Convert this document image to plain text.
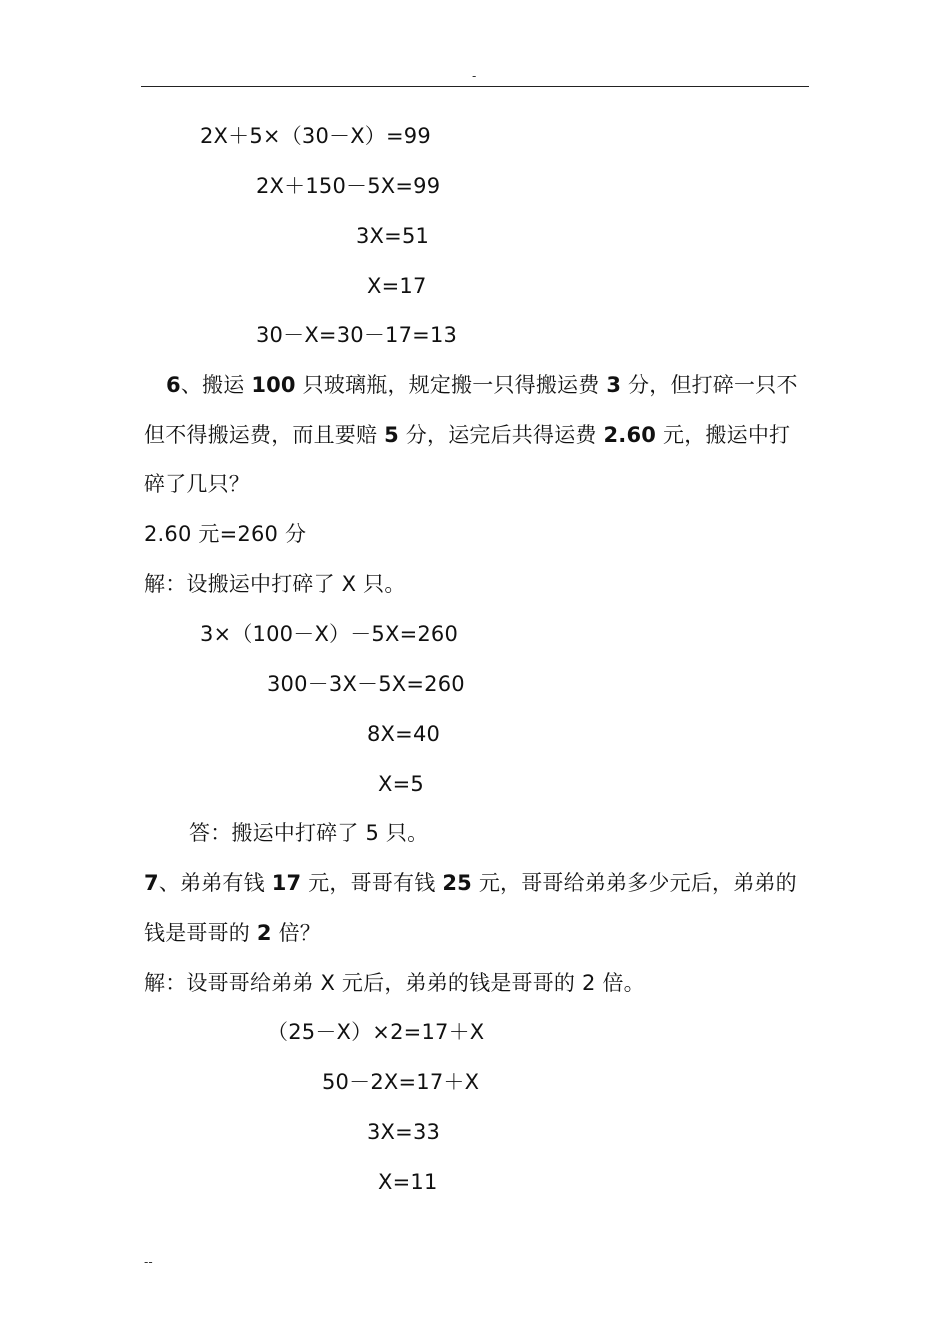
-
2X＋5×（30－X）=99
2X＋150－5X=99
3X=51
X=17
30－X=30－17=13
6、搬运 100 只玻璃瓶，规定搬一只得搬运费 3 分，但打碎一只不
但不得搬运费，而且要赔 5 分，运完后共得运费 2.60 元，搬运中打
碎了几只？
2.60 元=260 分
解：设搬运中打碎了 X 只。
3×（100－X）－5X=260
300－3X－5X=260
8X=40
X=5
答：搬运中打碎了 5 只。
7、弟弟有钱 17 元，哥哥有钱 25 元，哥哥给弟弟多少元后，弟弟的
钱是哥哥的 2 倍？
解：设哥哥给弟弟 X 元后，弟弟的钱是哥哥的 2 倍。
（25－X）×2=17＋X
50－2X=17＋X
3X=33
X=11
--
